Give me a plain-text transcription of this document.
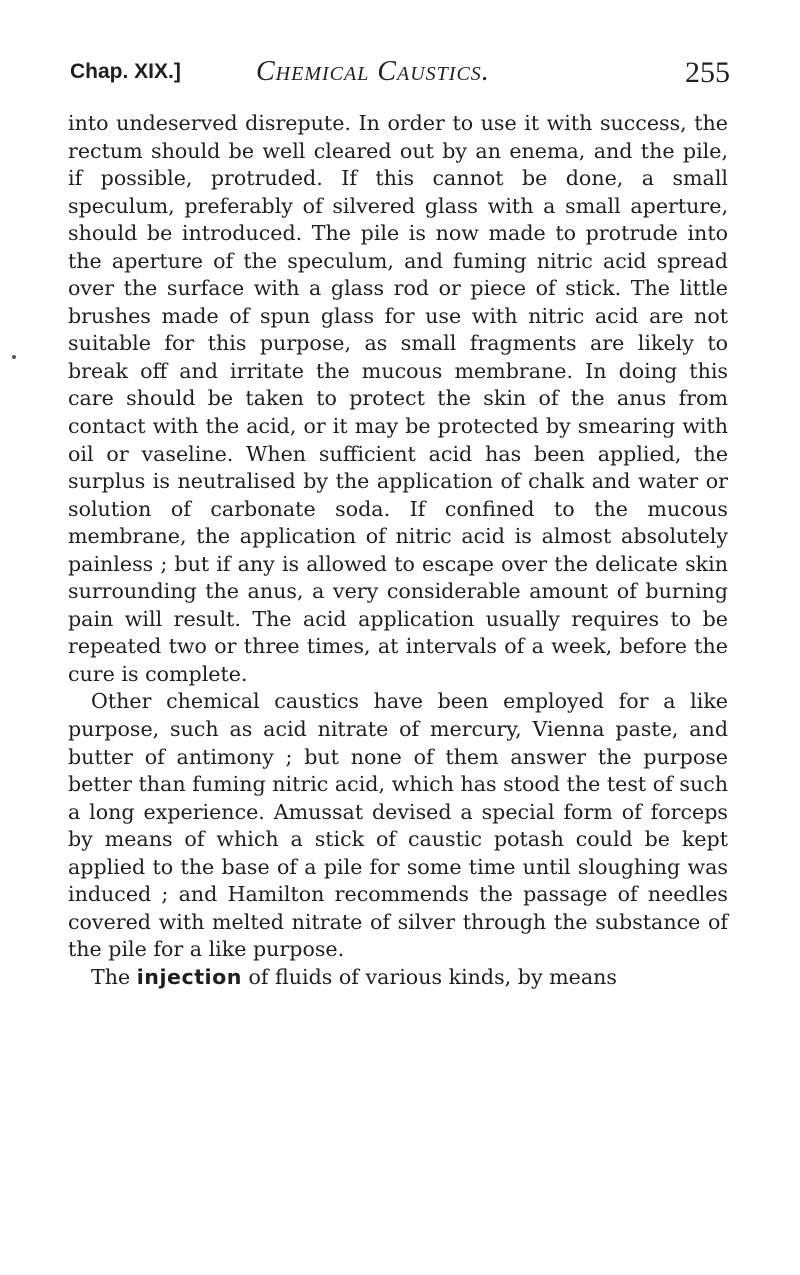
Chap. XIX.]	Chemical Caustics.	255

into undeserved disrepute. In order to use it with success, the rectum should be well cleared out by an enema, and the pile, if possible, protruded. If this cannot be done, a small speculum, preferably of silvered glass with a small aperture, should be introduced. The pile is now made to protrude into the aperture of the speculum, and fuming nitric acid spread over the surface with a glass rod or piece of stick. The little brushes made of spun glass for use with nitric acid are not suitable for this purpose, as small fragments are likely to break off and irritate the mucous membrane. In doing this care should be taken to protect the skin of the anus from contact with the acid, or it may be protected by smearing with oil or vaseline. When sufficient acid has been applied, the surplus is neutralised by the application of chalk and water or solution of carbonate soda. If confined to the mucous membrane, the application of nitric acid is almost absolutely painless ; but if any is allowed to escape over the delicate skin surrounding the anus, a very considerable amount of burning pain will result. The acid application usually requires to be repeated two or three times, at intervals of a week, before the cure is complete.

Other chemical caustics have been employed for a like purpose, such as acid nitrate of mercury, Vienna paste, and butter of antimony ; but none of them answer the purpose better than fuming nitric acid, which has stood the test of such a long experience. Amussat devised a special form of forceps by means of which a stick of caustic potash could be kept applied to the base of a pile for some time until sloughing was induced ; and Hamilton recommends the passage of needles covered with melted nitrate of silver through the substance of the pile for a like purpose.

The injection of fluids of various kinds, by means
